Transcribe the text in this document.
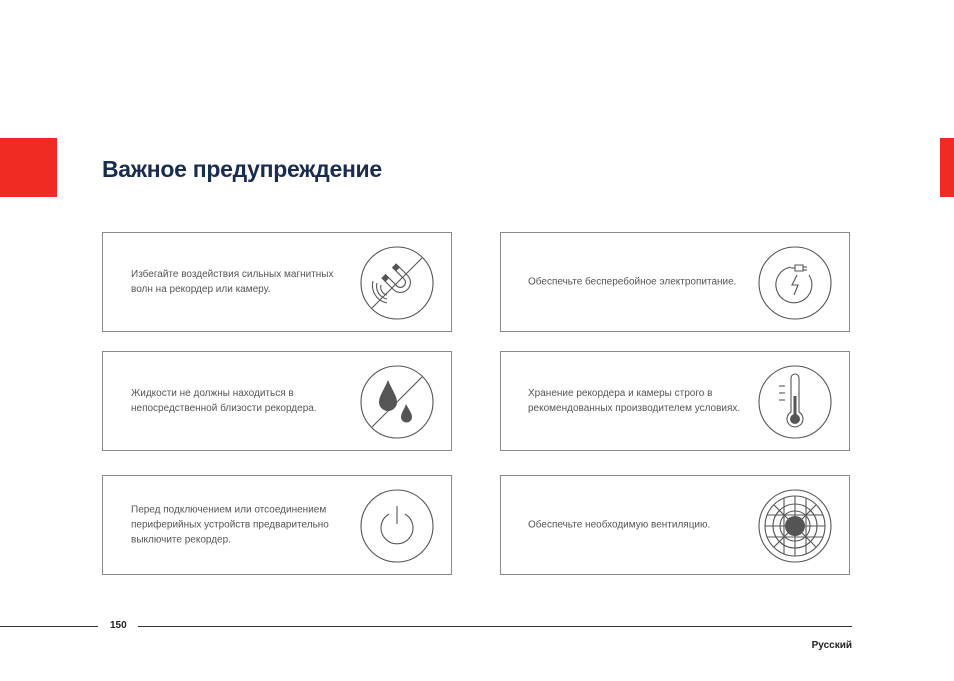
Важное предупреждение
Избегайте воздействия сильных магнитных волн на рекордер или камеру.
Обеспечьте бесперебойное электропитание.
Жидкости не должны находиться в непосредственной близости рекордера.
Хранение рекордера и камеры строго в рекомендованных производителем условиях.
Перед подключением или отсоединением периферийных устройств предварительно выключите рекордер.
Обеспечьте необходимую вентиляцию.
150
Русский
